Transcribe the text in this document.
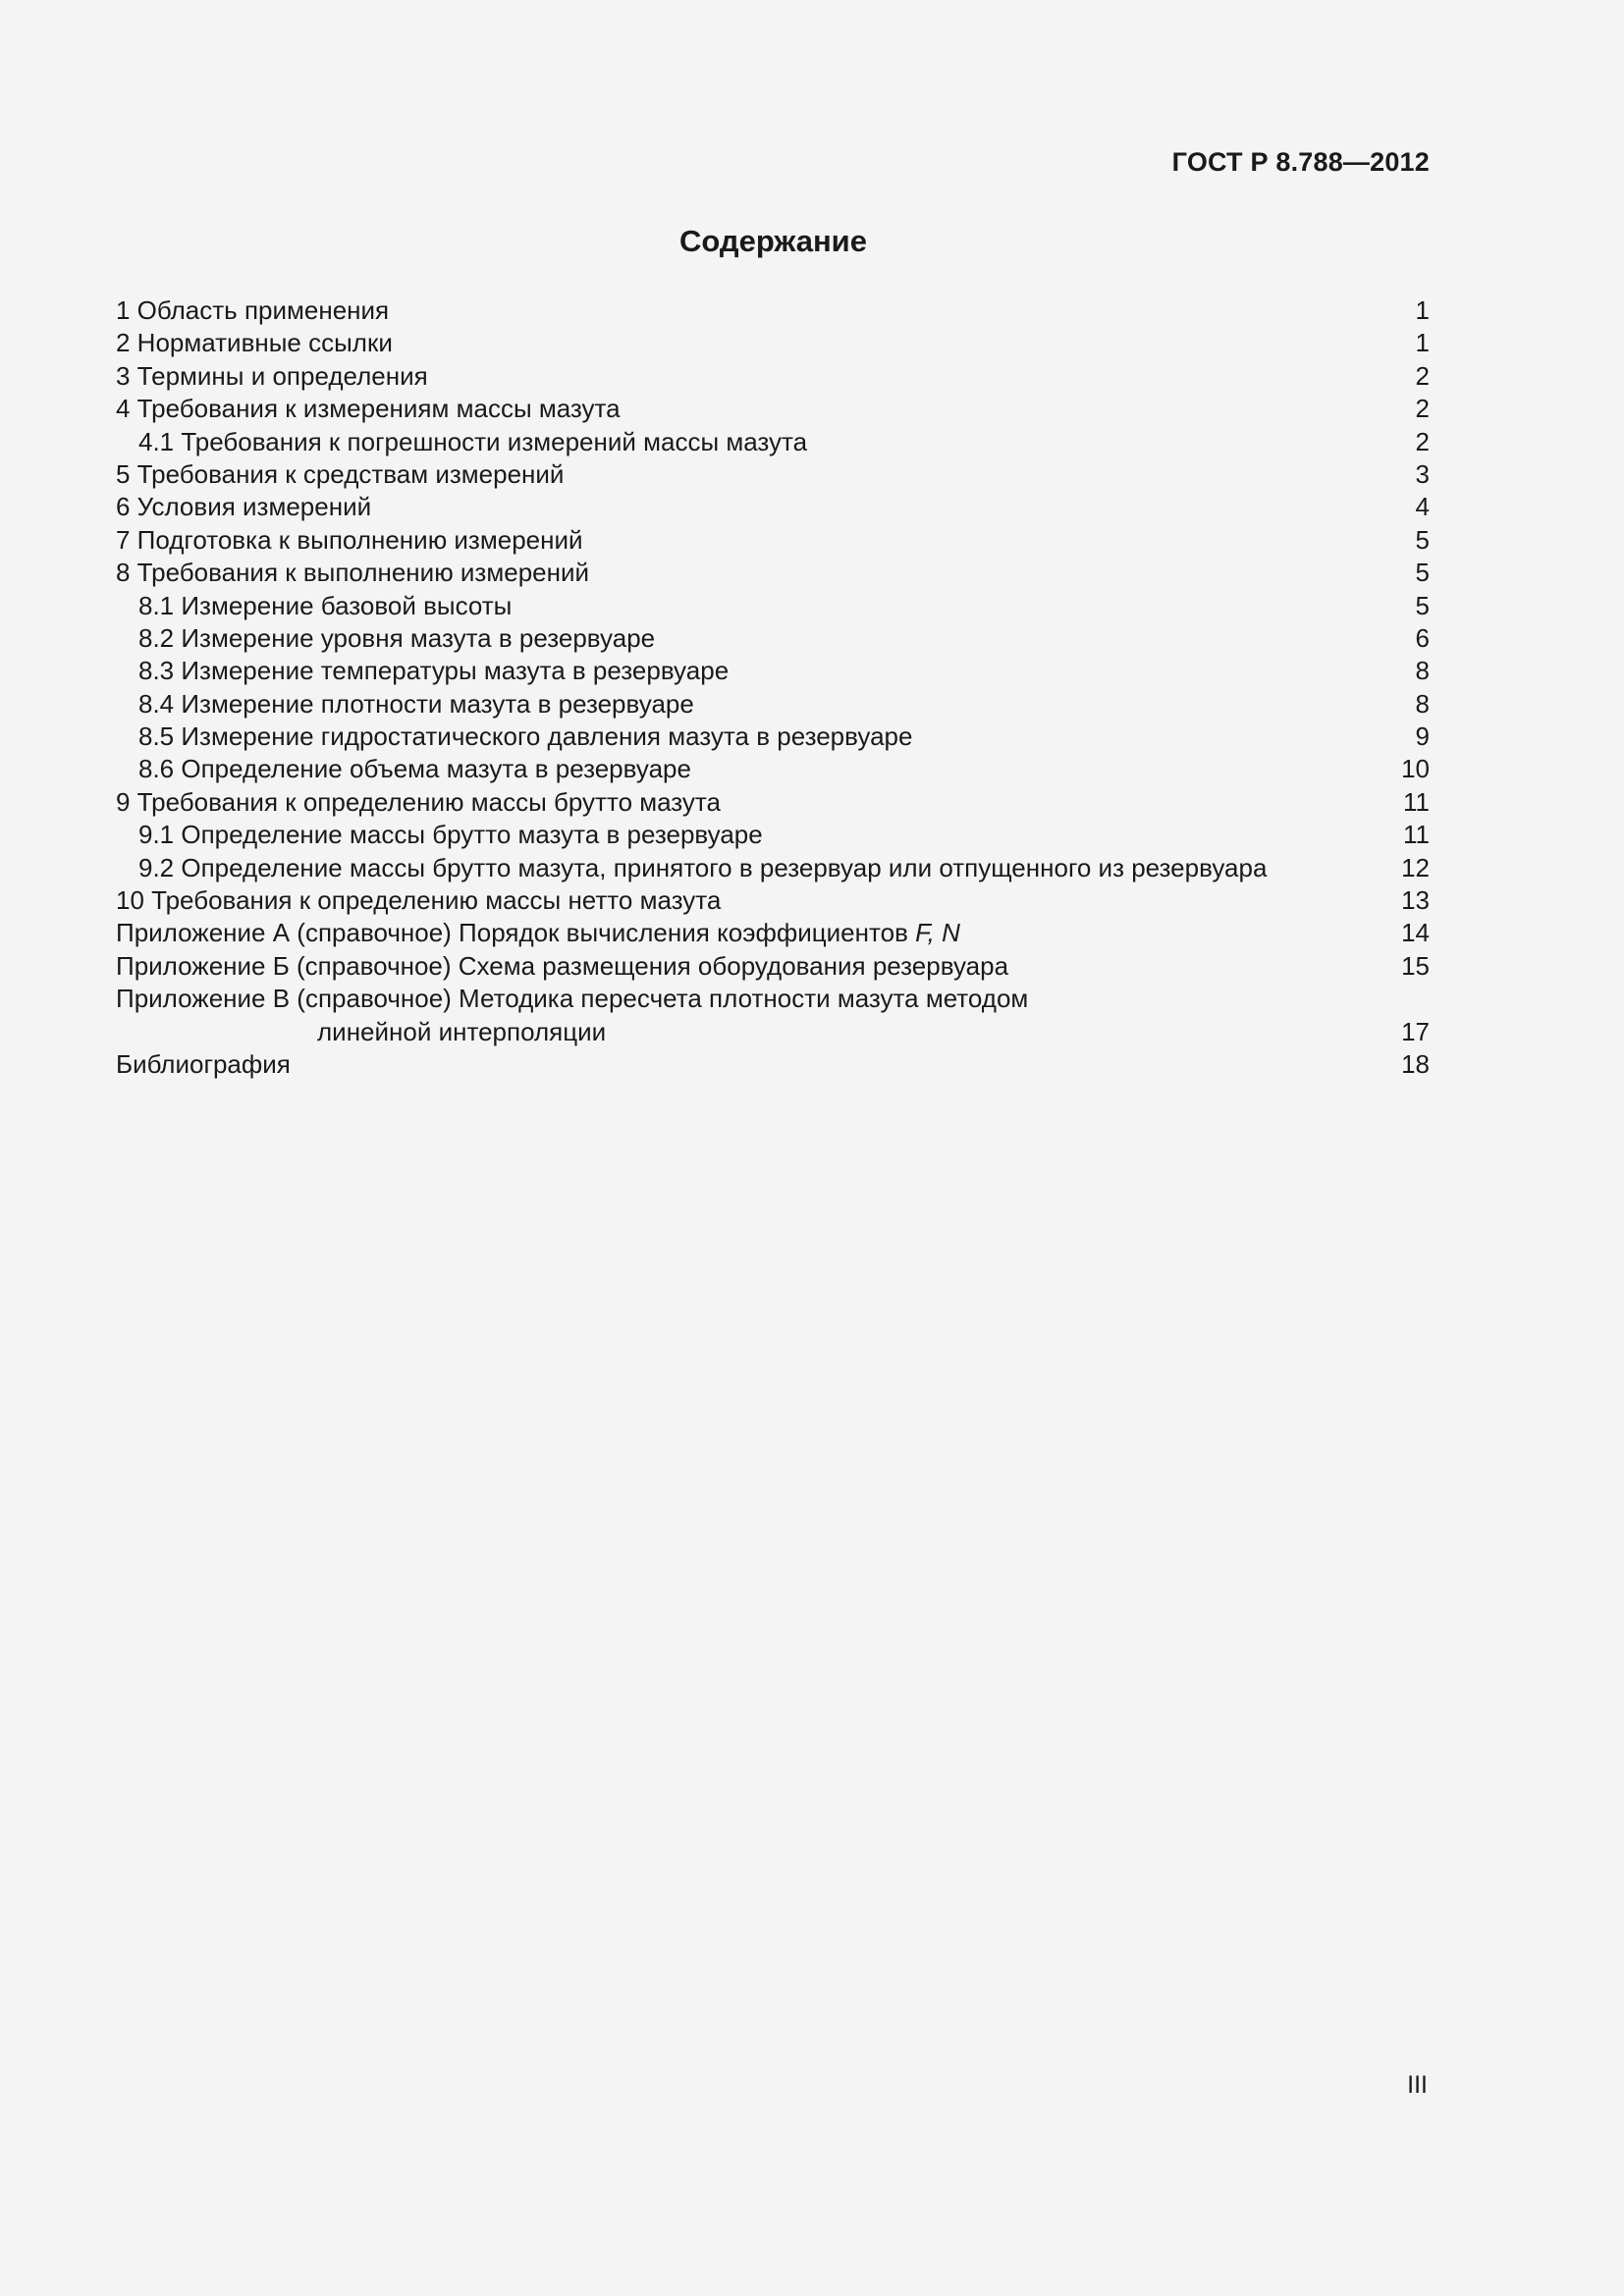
ГОСТ Р 8.788—2012
Содержание
1 Область применения	1
2 Нормативные ссылки	1
3 Термины и определения	2
4 Требования к измерениям массы мазута	2
4.1 Требования к погрешности измерений массы мазута	2
5 Требования к средствам измерений	3
6 Условия измерений	4
7 Подготовка к выполнению измерений	5
8 Требования к выполнению измерений	5
8.1 Измерение базовой высоты	5
8.2 Измерение уровня мазута в резервуаре	6
8.3 Измерение температуры мазута в резервуаре	8
8.4 Измерение плотности мазута в резервуаре	8
8.5 Измерение гидростатического давления мазута в резервуаре	9
8.6 Определение объема мазута в резервуаре	10
9 Требования к определению массы брутто мазута	11
9.1 Определение массы брутто мазута в резервуаре	11
9.2 Определение массы брутто мазута, принятого в резервуар или отпущенного из резервуара	12
10 Требования к определению массы нетто мазута	13
Приложение А (справочное) Порядок вычисления коэффициентов F, N	14
Приложение Б (справочное) Схема размещения оборудования резервуара	15
Приложение В (справочное) Методика пересчета плотности мазута методом
линейной интерполяции	17
Библиография	18
III
